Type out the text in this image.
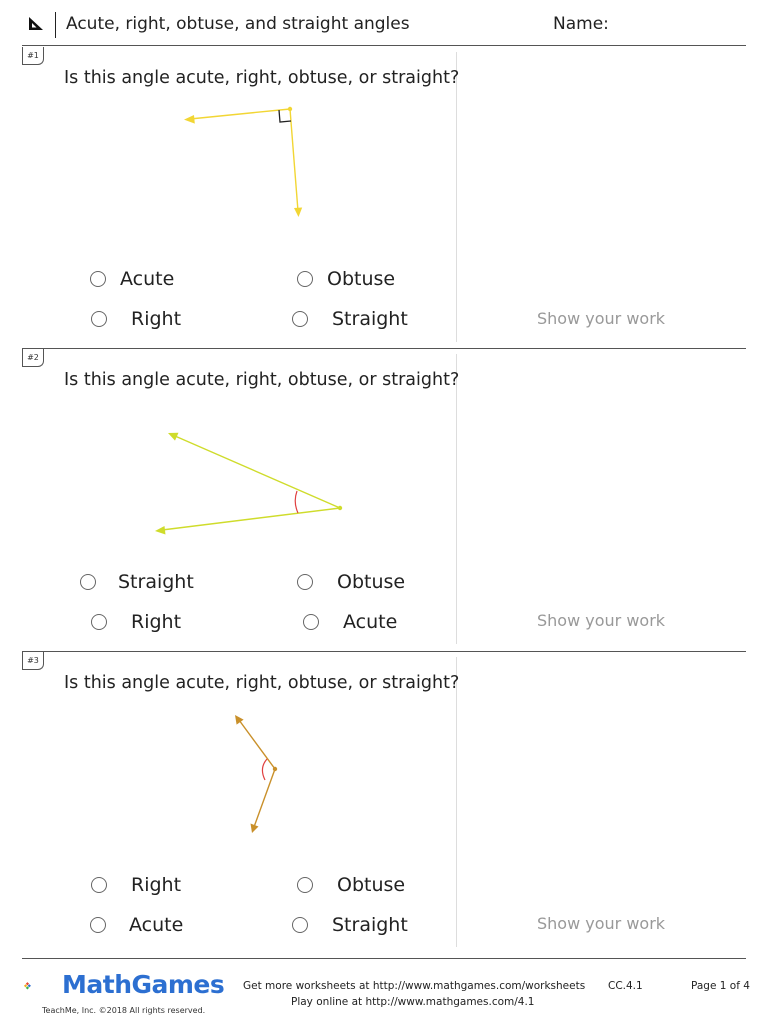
Acute, right, obtuse, and straight angles	Name:
#1
Is this angle acute, right, obtuse, or straight?
Acute	Obtuse
Right	Straight	Show your work
#2
Is this angle acute, right, obtuse, or straight?
Straight	Obtuse
Right	Acute	Show your work
#3
Is this angle acute, right, obtuse, or straight?
Right	Obtuse
Acute	Straight	Show your work
MathGames
TeachMe, Inc. ©2018 All rights reserved.
Get more worksheets at http://www.mathgames.com/worksheets
Play online at http://www.mathgames.com/4.1
CC.4.1	Page 1 of 4
